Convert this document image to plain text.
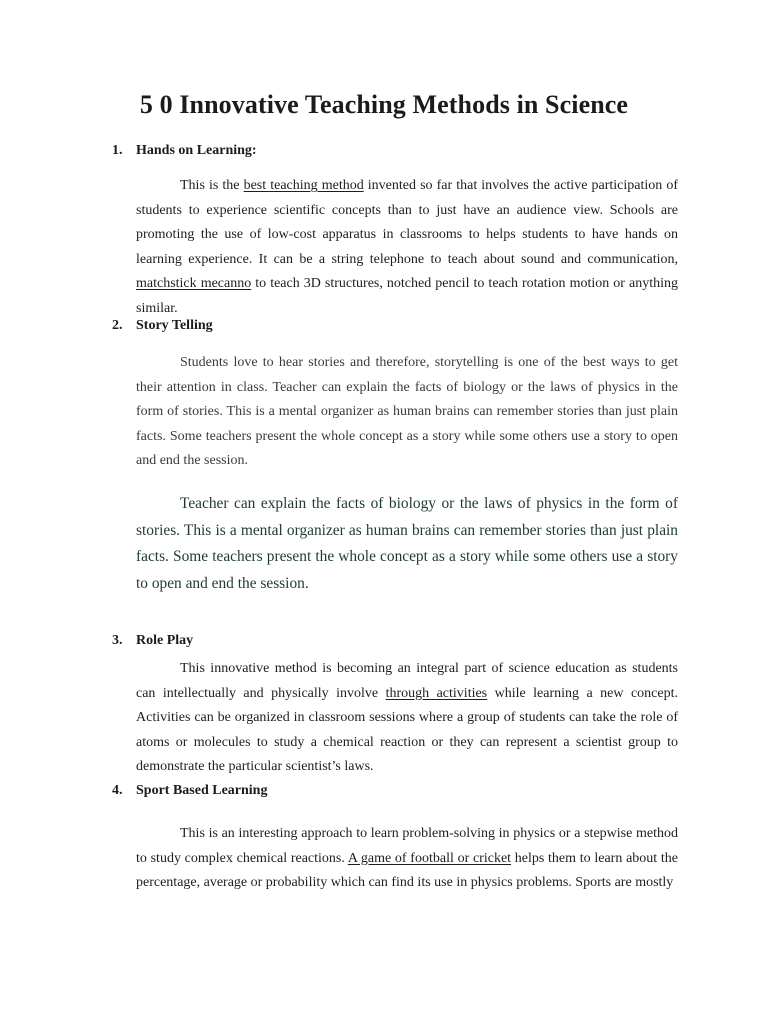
5 0 Innovative Teaching Methods in Science
1. Hands on Learning:

This is the best teaching method invented so far that involves the active participation of students to experience scientific concepts than to just have an audience view. Schools are promoting the use of low-cost apparatus in classrooms to helps students to have hands on learning experience. It can be a string telephone to teach about sound and communication, matchstick mecanno to teach 3D structures, notched pencil to teach rotation motion or anything similar.

2. Story Telling

Students love to hear stories and therefore, storytelling is one of the best ways to get their attention in class. Teacher can explain the facts of biology or the laws of physics in the form of stories. This is a mental organizer as human brains can remember stories than just plain facts. Some teachers present the whole concept as a story while some others use a story to open and end the session.

Teacher can explain the facts of biology or the laws of physics in the form of stories. This is a mental organizer as human brains can remember stories than just plain facts. Some teachers present the whole concept as a story while some others use a story to open and end the session.

3. Role Play

This innovative method is becoming an integral part of science education as students can intellectually and physically involve through activities while learning a new concept. Activities can be organized in classroom sessions where a group of students can take the role of atoms or molecules to study a chemical reaction or they can represent a scientist group to demonstrate the particular scientist’s laws.

4. Sport Based Learning

This is an interesting approach to learn problem-solving in physics or a stepwise method to study complex chemical reactions. A game of football or cricket helps them to learn about the percentage, average or probability which can find its use in physics problems. Sports are mostly
